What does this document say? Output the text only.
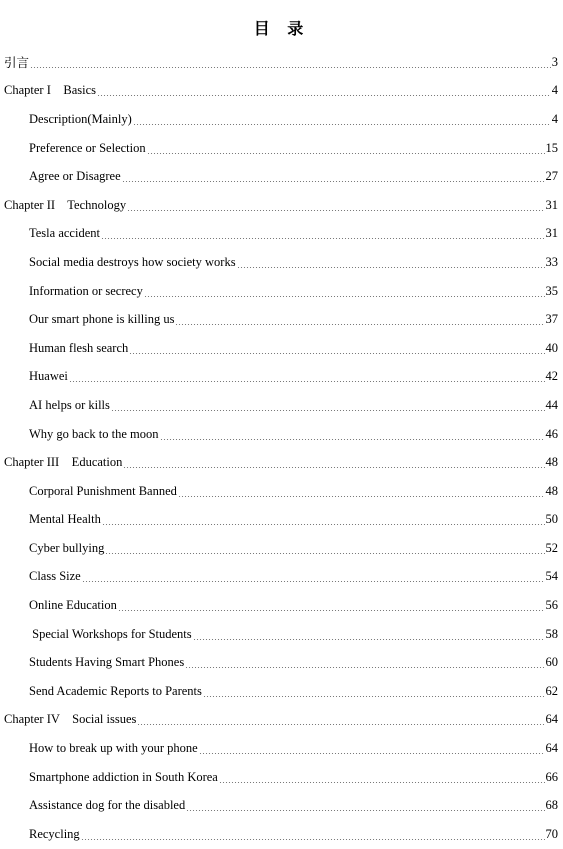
目 录
引言	3
Chapter I    Basics	4
Description(Mainly)	4
Preference or Selection	15
Agree or Disagree	27
Chapter II    Technology	31
Tesla accident	31
Social media destroys how society works	33
Information or secrecy	35
Our smart phone is killing us	37
Human flesh search	40
Huawei	42
AI helps or kills	44
Why go back to the moon	46
Chapter III    Education	48
Corporal Punishment Banned	48
Mental Health	50
Cyber bullying	52
Class Size	54
Online Education	56
Special Workshops for Students	58
Students Having Smart Phones	60
Send Academic Reports to Parents	62
Chapter IV    Social issues	64
How to break up with your phone	64
Smartphone addiction in South Korea	66
Assistance dog for the disabled	68
Recycling	70
